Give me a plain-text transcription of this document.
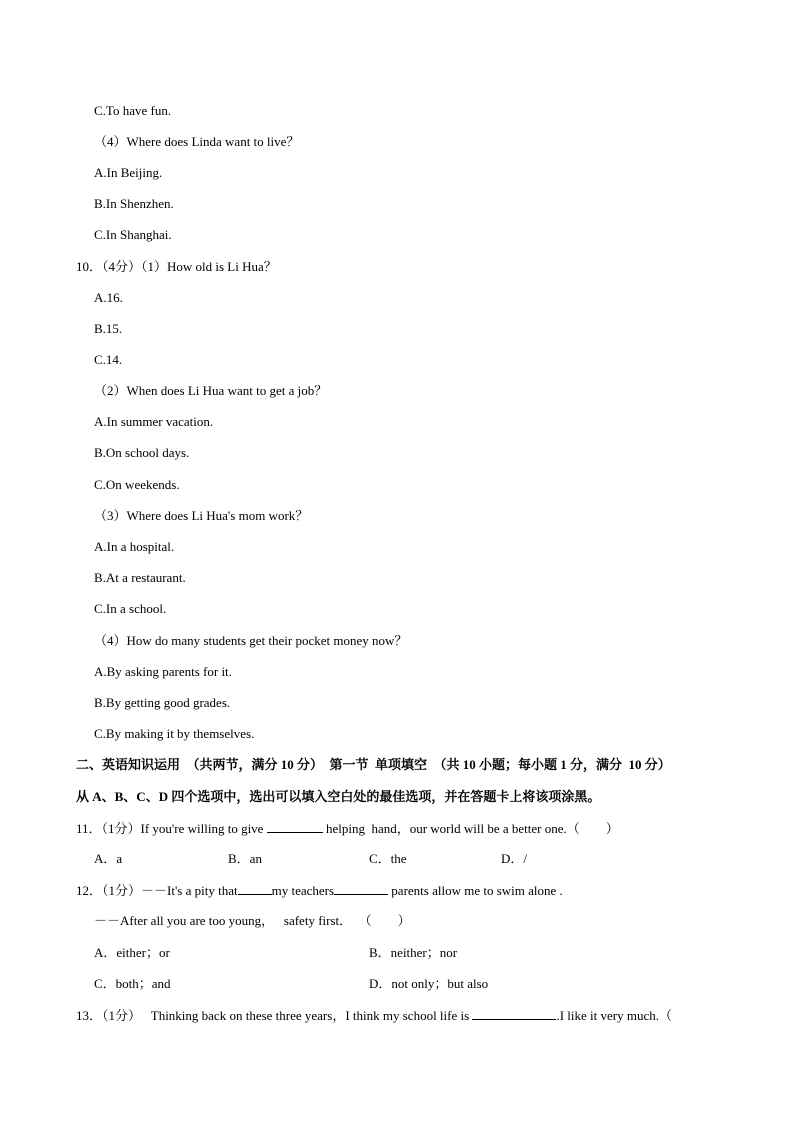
C.To have fun.
（4）Where does Linda want to live？
A.In Beijing.
B.In Shenzhen.
C.In Shanghai.
10．（4分）（1）How old is Li Hua？
A.16.
B.15.
C.14.
（2）When does Li Hua want to get a job？
A.In summer vacation.
B.On school days.
C.On weekends.
（3）Where does Li Hua's mom work？
A.In a hospital.
B.At a restaurant.
C.In a school.
（4）How do many students get their pocket money now？
A.By asking parents for it.
B.By getting good grades.
C.By making it by themselves.
二、英语知识运用  （共两节，满分 10 分）  第一节  单项填空  （共 10 小题；每小题 1 分，满分  10 分）
从 A、B、C、D 四个选项中，选出可以填入空白处的最佳选项，并在答题卡上将该项涂黑。
11．（1分）If you're willing to give	helping  hand，our world will be a better one.（        ）
A．a	B．an	C．the	D．/
12．（1分）－－It's a pity that	my teachers	parents allow me to swim alone .
－－After all you are too young，   safety first．  （        ）
A．either；or	B．neither；nor
C．both；and	D．not only；but also
13．（1分）   Thinking back on these three years，I think my school life is	.I like it very much.（
